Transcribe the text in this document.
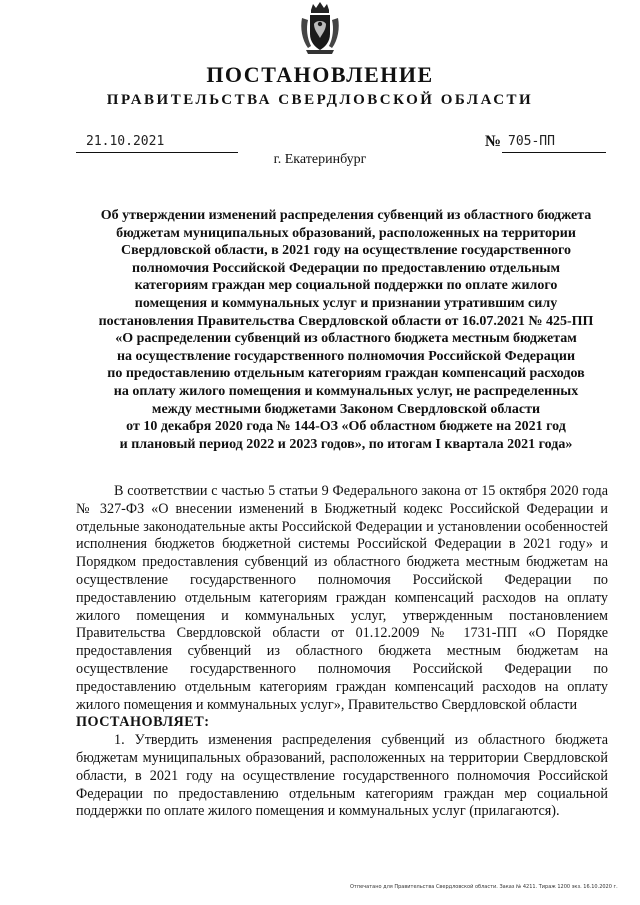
ПОСТАНОВЛЕНИЕ
ПРАВИТЕЛЬСТВА СВЕРДЛОВСКОЙ ОБЛАСТИ
21.10.2021	№ 705-ПП
г. Екатеринбург
Об утверждении изменений распределения субвенций из областного бюджета
бюджетам муниципальных образований, расположенных на территории
Свердловской области, в 2021 году на осуществление государственного
полномочия Российской Федерации по предоставлению отдельным
категориям граждан мер социальной поддержки по оплате жилого
помещения и коммунальных услуг и признании утратившим силу
постановления Правительства Свердловской области от 16.07.2021 № 425-ПП
«О распределении субвенций из областного бюджета местным бюджетам
на осуществление государственного полномочия Российской Федерации
по предоставлению отдельным категориям граждан компенсаций расходов
на оплату жилого помещения и коммунальных услуг, не распределенных
между местными бюджетами Законом Свердловской области
от 10 декабря 2020 года № 144-ОЗ «Об областном бюджете на 2021 год
и плановый период 2022 и 2023 годов», по итогам I квартала 2021 года»

В соответствии с частью 5 статьи 9 Федерального закона от 15 октября 2020 года № 327-ФЗ «О внесении изменений в Бюджетный кодекс Российской Федерации и отдельные законодательные акты Российской Федерации и установлении особенностей исполнения бюджетов бюджетной системы Российской Федерации в 2021 году» и Порядком предоставления субвенций из областного бюджета местным бюджетам на осуществление государственного полномочия Российской Федерации по предоставлению отдельным категориям граждан компенсаций расходов на оплату жилого помещения и коммунальных услуг, утвержденным постановлением Правительства Свердловской области от 01.12.2009 № 1731-ПП «О Порядке предоставления субвенций из областного бюджета местным бюджетам на осуществление государственного полномочия Российской Федерации по предоставлению отдельным категориям граждан компенсаций расходов на оплату жилого помещения и коммунальных услуг», Правительство Свердловской области

ПОСТАНОВЛЯЕТ:

1. Утвердить изменения распределения субвенций из областного бюджета бюджетам муниципальных образований, расположенных на территории Свердловской области, в 2021 году на осуществление государственного полномочия Российской Федерации по предоставлению отдельным категориям граждан мер социальной поддержки по оплате жилого помещения и коммунальных услуг (прилагаются).

Отпечатано для Правительства Свердловской области. Заказ № 4211. Тираж 1200 экз. 16.10.2020 г.
